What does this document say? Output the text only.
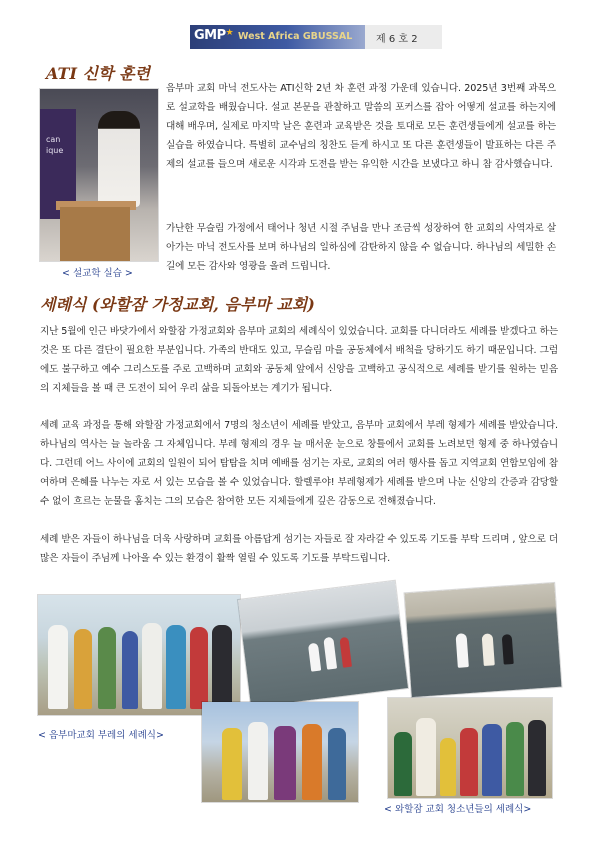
GMP★ West Africa GBUSSAL 제 6 호 2
ATI 신학 훈련
can
ique
< 설교학 실습 >
음부마 교회 마닉 전도사는 ATI신학 2년 차 훈련 과정 가운데 있습니다. 2025년 3번째 과목으로 설교학을 배웠습니다. 설교 본문을 관찰하고 말씀의 포커스를 잡아 어떻게 설교를 하는지에 대해 배우며, 실제로 마지막 날은 훈련과 교육받은 것을 토대로 모든 훈련생들에게 설교를 하는 실습을 하였습니다. 특별히 교수님의 칭찬도 듣게 하시고 또 다른 훈련생들이 발표하는 다른 주제의 설교를 들으며 새로운 시각과 도전을 받는 유익한 시간을 보냈다고 하니 참 감사했습니다.
가난한 무슬림 가정에서 태어나 청년 시절 주님을 만나 조금씩 성장하여 한 교회의 사역자로 살아가는 마닉 전도사를 보며 하나님의 일하심에 감탄하지 않을 수 없습니다. 하나님의 세밀한 손길에 모든 감사와 영광을 올려 드립니다.
세례식 (와할잠 가정교회, 음부마 교회)
지난 5월에 인근 바닷가에서 와할잠 가정교회와 음부마 교회의 세례식이 있었습니다. 교회를 다니더라도 세례를 받겠다고 하는 것은 또 다른 결단이 필요한 부분입니다. 가족의 반대도 있고, 무슬림 마을 공동체에서 배척을 당하기도 하기 때문입니다. 그럼에도 불구하고 예수 그리스도를 주로 고백하며 교회와 공동체 앞에서 신앙을 고백하고 공식적으로 세례를 받기를 원하는 믿음의 지체들을 볼 때 큰 도전이 되어 우리 삶을 되돌아보는 계기가 됩니다.
세례 교육 과정을 통해 와할잠 가정교회에서 7명의 청소년이 세례를 받았고, 음부마 교회에서 부레 형제가 세례를 받았습니다. 하나님의 역사는 늘 놀라움 그 자체입니다. 부레 형제의 경우 늘 매서운 눈으로 창틀에서 교회를 노려보던 형제 중 하나였습니다. 그런데 어느 사이에 교회의 일원이 되어 탐탐을 치며 예배를 섬기는 자로, 교회의 여러 행사를 돕고 지역교회 연합모임에 참여하며 은혜를 나누는 자로 서 있는 모습을 볼 수 있었습니다. 할렐루야! 부레형제가 세례를 받으며 나눈 신앙의 간증과 감당할 수 없이 흐르는 눈물을 훔치는 그의 모습은 참여한 모든 지체들에게 깊은 감동으로 전해졌습니다.
세례 받은 자들이 하나님을 더욱 사랑하며 교회를 아름답게 섬기는 자들로 잘 자라갈 수 있도록 기도를 부탁 드리며 , 앞으로 더 많은 자들이 주님께 나아올 수 있는 환경이 활짝 열릴 수 있도록 기도를 부탁드립니다.
< 음부마교회 부레의 세례식>
< 와할잠 교회 청소년들의 세례식>
